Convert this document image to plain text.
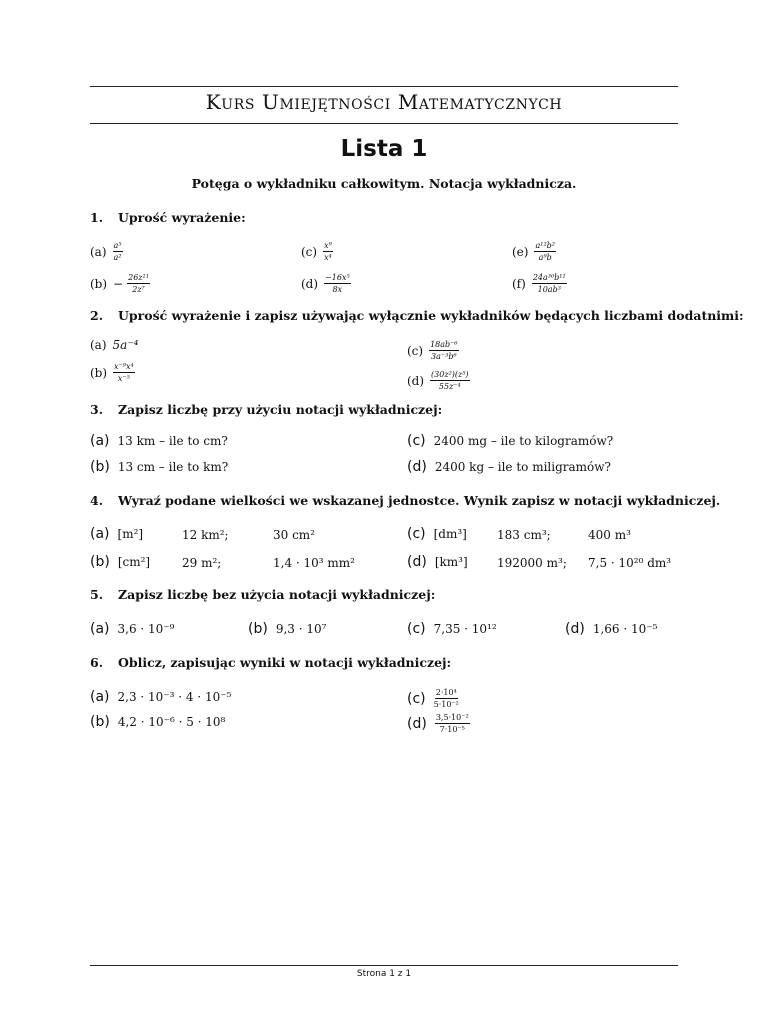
Kurs Umiejętności Matematycznych
Lista 1
Potęga o wykładniku całkowitym. Notacja wykładnicza.
1. Uprość wyrażenie:
$(a) \frac{\text{a⁵}}{\text{a²}}$	$(c) \frac{\text{x⁹}}{\text{x⁴}}$	$(e) \frac{\text{a¹²b²}}{\text{a⁹b}}$
$(b) - \frac{\text{26z¹¹}}{\text{2z⁷}}$	$(d) \frac{\text{−16x⁵}}{8x}$	$(f) \frac{\text{24a³⁰b¹¹}}{\text{10ab³}}$
2. Uprość wyrażenie i zapisz używając wyłącznie wykładników będących liczbami dodatnimi:
(a) 5a⁻⁴
$(b) \frac{\text{x⁻⁹x⁴}}{\text{x⁻⁵}}$
$(c) \frac{\text{18ab⁻⁶}}{\text{3a⁻³b⁶}}$
$(d) \frac{\text{(30z²)(z⁵)}}{\text{55z⁻⁴}}$
3. Zapisz liczbę przy użyciu notacji wykładniczej:
(a) 13 km – ile to cm?	(c) 2400 mg – ile to kilogramów?
(b) 13 cm – ile to km?	(d) 2400 kg – ile to miligramów?
4. Wyraź podane wielkości we wskazanej jednostce. Wynik zapisz w notacji wykładniczej.
(a) [m²]	12 km²;	30 cm²	(c) [dm³]	183 cm³;	400 m³
(b) [cm²]	29 m²;	1,4 · 10³ mm²	(d) [km³] 192000 m³; 7,5 · 10²⁰ dm³
5. Zapisz liczbę bez użycia notacji wykładniczej:
(a) 3,6 · 10⁻⁹	(b) 9,3 · 10⁷	(c) 7,35 · 10¹²	(d) 1,66 · 10⁻⁵
6. Oblicz, zapisując wyniki w notacji wykładniczej:
(a) 2,3 · 10⁻³ · 4 · 10⁻⁵
(b) 4,2 · 10⁻⁶ · 5 · 10⁸
$(c) \frac{\text{2·10⁴}}{\text{5·10⁻²}}$
$(d) \frac{\text{3,5·10⁻²}}{\text{7·10⁻⁵}}$
Strona 1 z 1
